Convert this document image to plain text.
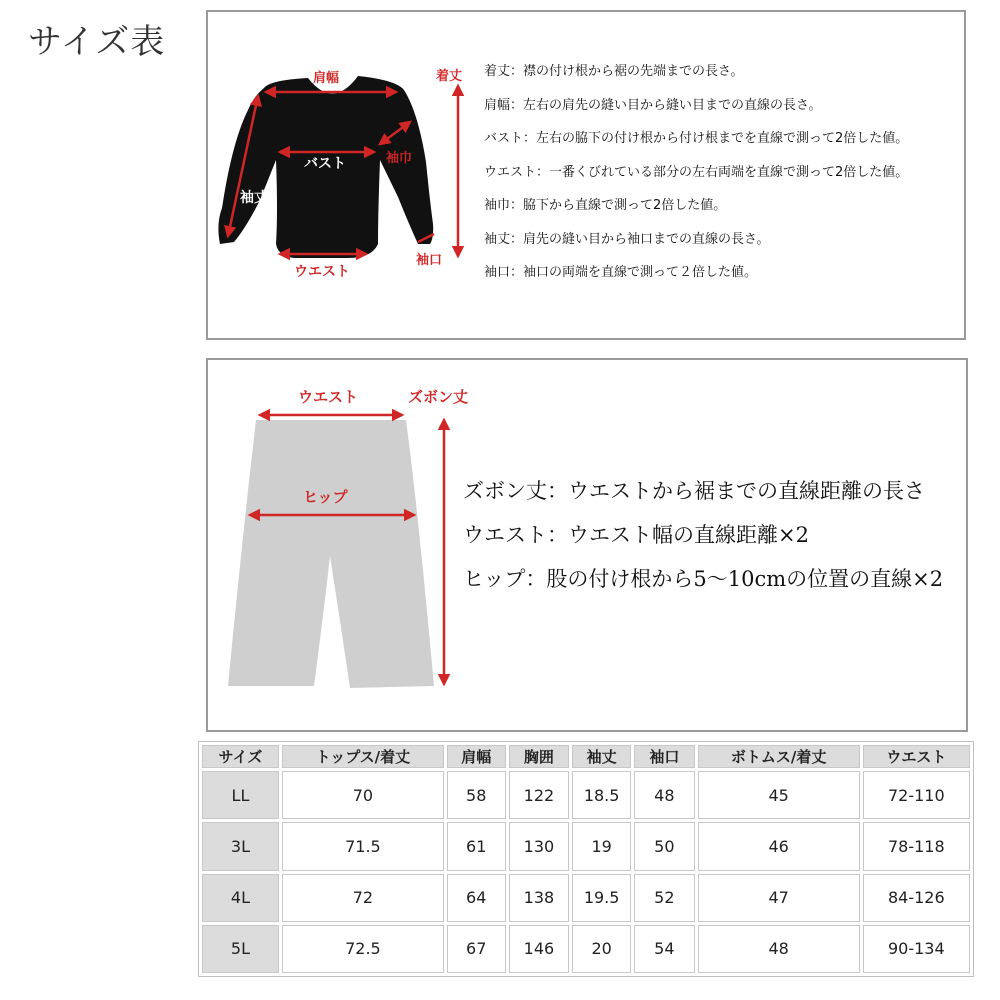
サイズ表
肩幅
バスト
袖丈
袖巾
ウエスト
袖口
着丈 着丈：襟の付け根から裾の先端までの長さ。
肩幅：左右の肩先の縫い目から縫い目までの直線の長さ。
バスト：左右の脇下の付け根から付け根までを直線で測って2倍した値。
ウエスト：一番くびれている部分の左右両端を直線で測って2倍した値。
袖巾：脇下から直線で測って2倍した値。
袖丈：肩先の縫い目から袖口までの直線の長さ。
袖口：袖口の両端を直線で測って２倍した値。
ウエスト
ヒップ
ズボン丈
ズボン丈：ウエストから裾までの直線距離の長さ
ウエスト：ウエスト幅の直線距離×2
ヒップ：股の付け根から5〜10cmの位置の直線×2
サイズ	トップス/着丈	肩幅	胸囲	袖丈	袖口	ボトムス/着丈	ウエスト
LL	70	58	122	18.5	48	45	72-110
3L	71.5	61	130	19	50	46	78-118
4L	72	64	138	19.5	52	47	84-126
5L	72.5	67	146	20	54	48	90-134
